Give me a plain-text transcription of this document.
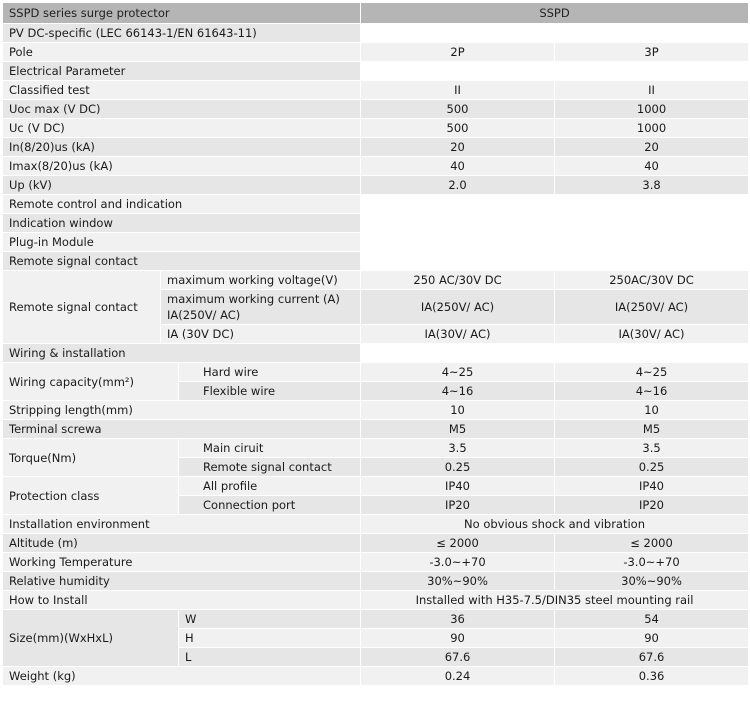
SSPD series surge protector			SSPD	
PV DC-specific (LEC 66143-1/EN 61643-11)				
Pole			2P	3P
Electrical Parameter				
Classified test			II	II
Uoc max (V DC)			500	1000
Uc (V DC)			500	1000
In(8/20)us (kA)			20	20
Imax(8/20)us (kA)			40	40
Up (kV)			2.0	3.8
Remote control and indication				
Indication window				
Plug-in Module				
Remote signal contact				
Remote signal contact	maximum working voltage(V)		250 AC/30V DC	250AC/30V DC
	maximum working current (A) IA(250V/ AC)		IA(250V/ AC)	IA(250V/ AC)
	IA (30V DC)		IA(30V/ AC)	IA(30V/ AC)
Wiring & installation				
Wiring capacity(mm²)		Hard wire	4~25	4~25
		Flexible wire	4~16	4~16
Stripping length(mm)			10	10
Terminal screwa			M5	M5
Torque(Nm)		Main ciruit	3.5	3.5
		Remote signal contact	0.25	0.25
Protection class		All profile	IP40	IP40
		Connection port	IP20	IP20
Installation environment			No obvious shock and vibration	
Altitude (m)			≤ 2000	≤ 2000
Working Temperature			-3.0~+70	-3.0~+70
Relative humidity			30%~90%	30%~90%
How to Install			Installed with H35-7.5/DIN35 steel mounting rail	
Size(mm)(WxHxL)		W	36	54
		H	90	90
		L	67.6	67.6
Weight (kg)			0.24	0.36
